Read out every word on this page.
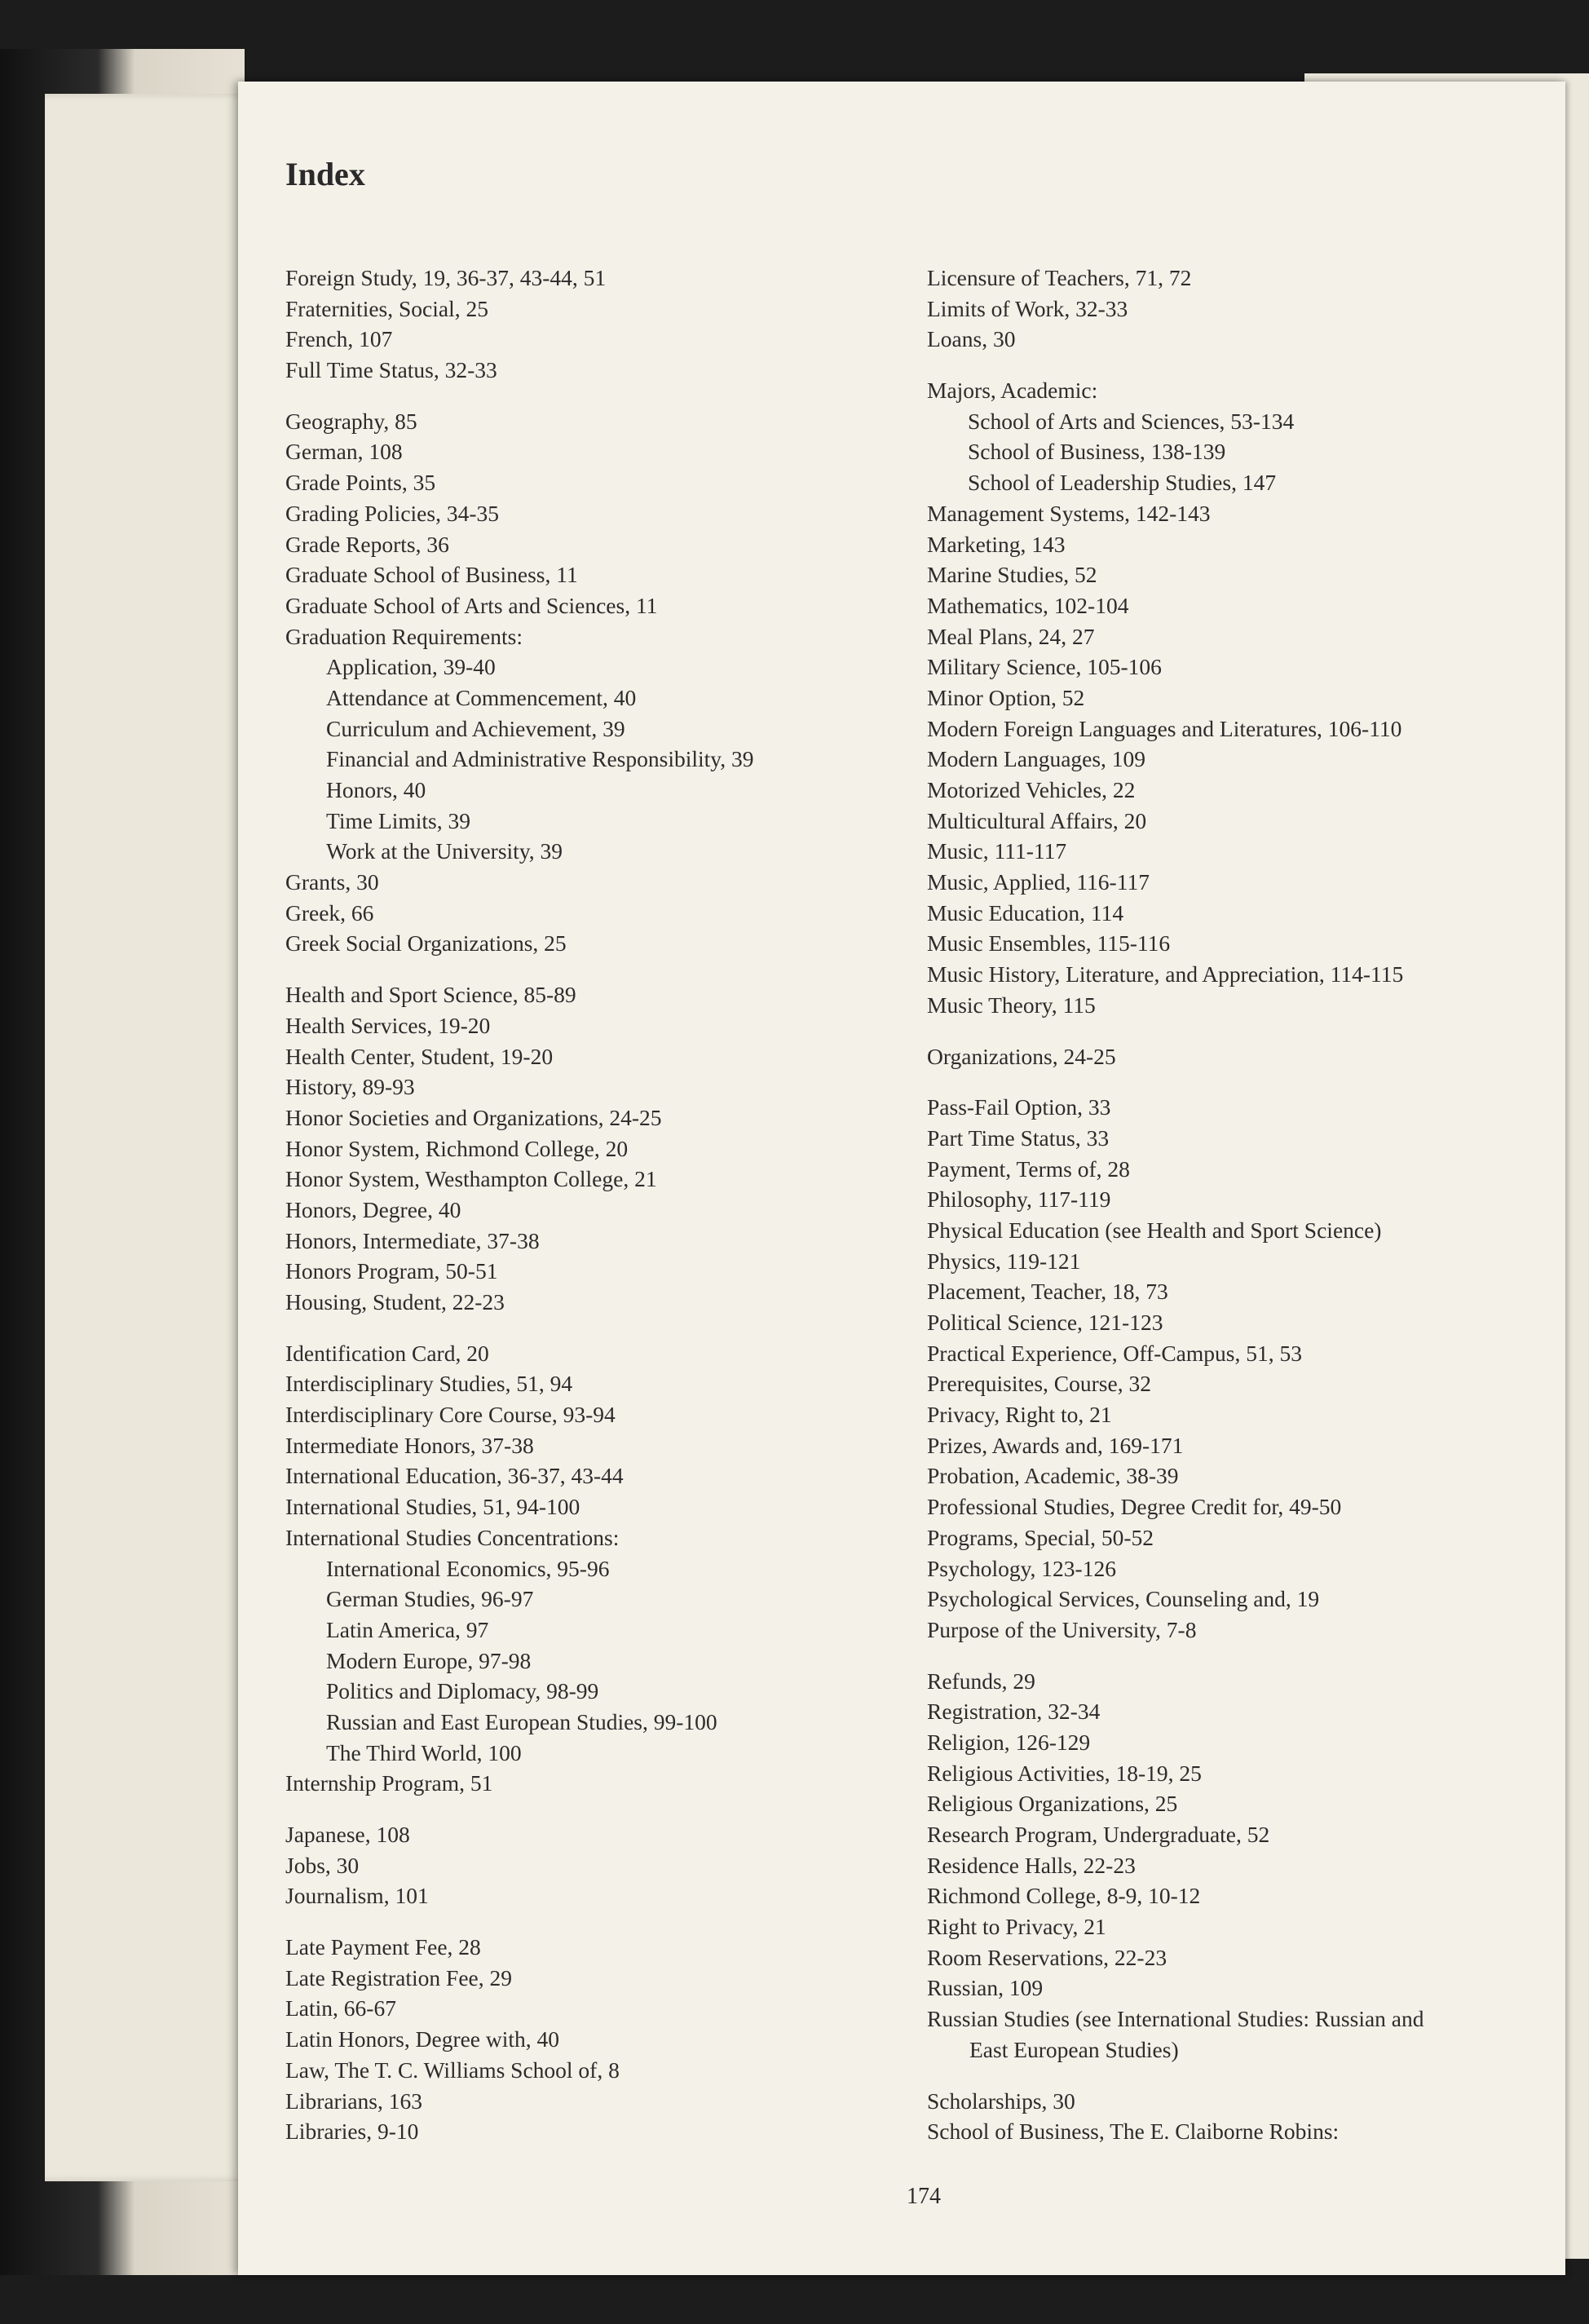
Index
Foreign Study, 19, 36-37, 43-44, 51
Fraternities, Social, 25
French, 107
Full Time Status, 32-33
Geography, 85
German, 108
Grade Points, 35
Grading Policies, 34-35
Grade Reports, 36
Graduate School of Business, 11
Graduate School of Arts and Sciences, 11
Graduation Requirements:
Application, 39-40
Attendance at Commencement, 40
Curriculum and Achievement, 39
Financial and Administrative Responsibility, 39
Honors, 40
Time Limits, 39
Work at the University, 39
Grants, 30
Greek, 66
Greek Social Organizations, 25
Health and Sport Science, 85-89
Health Services, 19-20
Health Center, Student, 19-20
History, 89-93
Honor Societies and Organizations, 24-25
Honor System, Richmond College, 20
Honor System, Westhampton College, 21
Honors, Degree, 40
Honors, Intermediate, 37-38
Honors Program, 50-51
Housing, Student, 22-23
Identification Card, 20
Interdisciplinary Studies, 51, 94
Interdisciplinary Core Course, 93-94
Intermediate Honors, 37-38
International Education, 36-37, 43-44
International Studies, 51, 94-100
International Studies Concentrations:
International Economics, 95-96
German Studies, 96-97
Latin America, 97
Modern Europe, 97-98
Politics and Diplomacy, 98-99
Russian and East European Studies, 99-100
The Third World, 100
Internship Program, 51
Japanese, 108
Jobs, 30
Journalism, 101
Late Payment Fee, 28
Late Registration Fee, 29
Latin, 66-67
Latin Honors, Degree with, 40
Law, The T. C. Williams School of, 8
Librarians, 163
Libraries, 9-10
Licensure of Teachers, 71, 72
Limits of Work, 32-33
Loans, 30
Majors, Academic:
School of Arts and Sciences, 53-134
School of Business, 138-139
School of Leadership Studies, 147
Management Systems, 142-143
Marketing, 143
Marine Studies, 52
Mathematics, 102-104
Meal Plans, 24, 27
Military Science, 105-106
Minor Option, 52
Modern Foreign Languages and Literatures, 106-110
Modern Languages, 109
Motorized Vehicles, 22
Multicultural Affairs, 20
Music, 111-117
Music, Applied, 116-117
Music Education, 114
Music Ensembles, 115-116
Music History, Literature, and Appreciation, 114-115
Music Theory, 115
Organizations, 24-25
Pass-Fail Option, 33
Part Time Status, 33
Payment, Terms of, 28
Philosophy, 117-119
Physical Education (see Health and Sport Science)
Physics, 119-121
Placement, Teacher, 18, 73
Political Science, 121-123
Practical Experience, Off-Campus, 51, 53
Prerequisites, Course, 32
Privacy, Right to, 21
Prizes, Awards and, 169-171
Probation, Academic, 38-39
Professional Studies, Degree Credit for, 49-50
Programs, Special, 50-52
Psychology, 123-126
Psychological Services, Counseling and, 19
Purpose of the University, 7-8
Refunds, 29
Registration, 32-34
Religion, 126-129
Religious Activities, 18-19, 25
Religious Organizations, 25
Research Program, Undergraduate, 52
Residence Halls, 22-23
Richmond College, 8-9, 10-12
Right to Privacy, 21
Room Reservations, 22-23
Russian, 109
Russian Studies (see International Studies: Russian and
East European Studies)
Scholarships, 30
School of Business, The E. Claiborne Robins:
174
